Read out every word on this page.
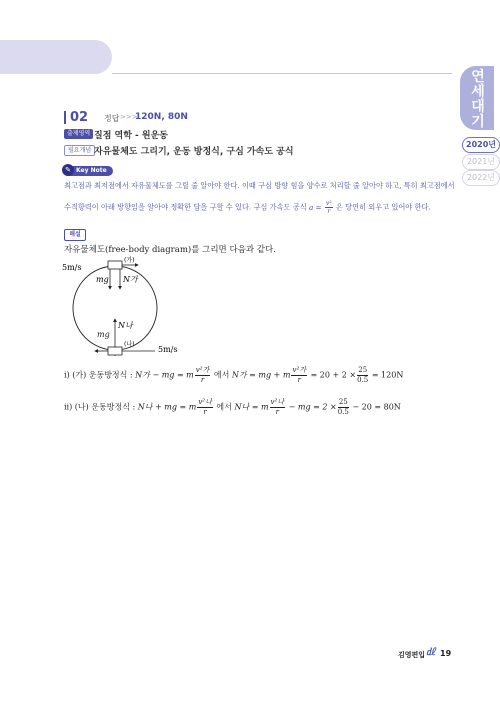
연
세
대
기
2020년
2021년
2022년
02 정답 >>>
120N, 80N
출제영역 질점 역학 - 원운동
필요개념 자유물체도 그리기, 운동 방정식, 구심 가속도 공식
Key Note
✎
최고점과 최저점에서 자유물체도를 그릴 줄 알아야 한다. 이때 구심 방향 힘을 양수로 처리할 줄 알아야 하고, 특히 최고점에서
수직항력이 아래 방향임을 알아야 정확한 답을 구할 수 있다. 구심 가속도 공식 $a = \frac{\text{v²}}{r}$ 은 당연히 외우고 있어야 한다.
해설
자유물체도(free-body diagram)를 그리면 다음과 같다.
5m/s
(가)
mg N가
N나
(나)
5m/s
mg
i) (가) 운동방정식 : N가 − mg = m
v²가
r
에서 N가 = mg + m
v²가
r
= $20 + 2 \times \frac{25}{0.5} = 120N$
ii) (나) 운동방정식 : N나 + mg = m
v²나
r
에서 N나 = m
v²나
r
− mg = $2 \times \frac{25}{0.5} - 20 = 80N$
김영편입 ㎗ 19
